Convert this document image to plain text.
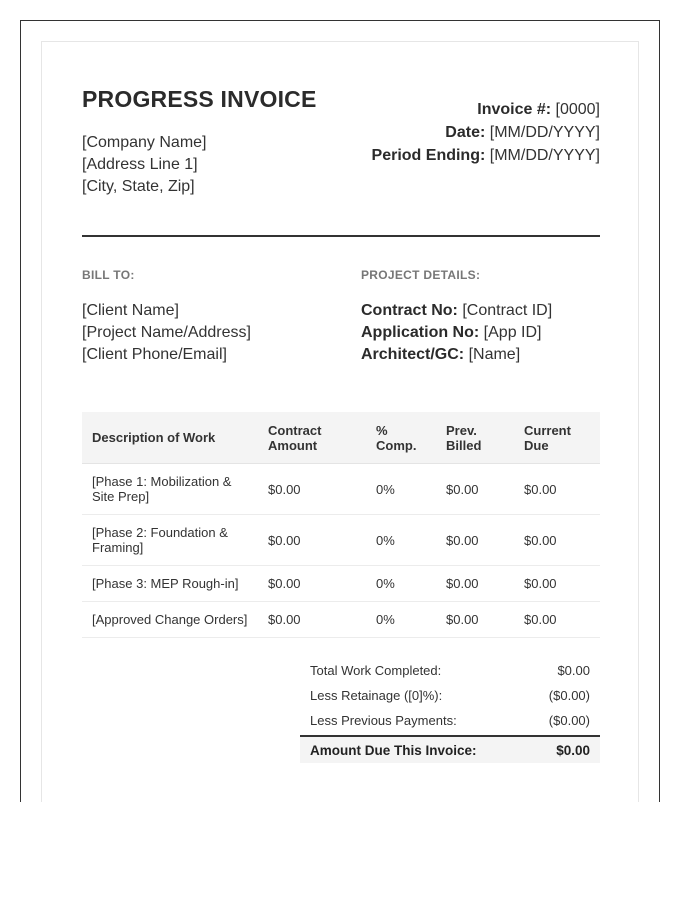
PROGRESS INVOICE
[Company Name]
[Address Line 1]
[City, State, Zip]
Invoice #: [0000]
Date: [MM/DD/YYYY]
Period Ending: [MM/DD/YYYY]
BILL TO:	PROJECT DETAILS:
[Client Name]
[Project Name/Address]
[Client Phone/Email]
Contract No: [Contract ID]
Application No: [App ID]
Architect/GC: [Name]
Description of Work	Contract Amount	% Comp.	Prev. Billed	Current Due
[Phase 1: Mobilization & Site Prep]	$0.00	0%	$0.00	$0.00
[Phase 2: Foundation & Framing]	$0.00	0%	$0.00	$0.00
[Phase 3: MEP Rough-in]	$0.00	0%	$0.00	$0.00
[Approved Change Orders]	$0.00	0%	$0.00	$0.00
Total Work Completed:	$0.00
Less Retainage ([0]%):	($0.00)
Less Previous Payments:	($0.00)
Amount Due This Invoice:	$0.00
